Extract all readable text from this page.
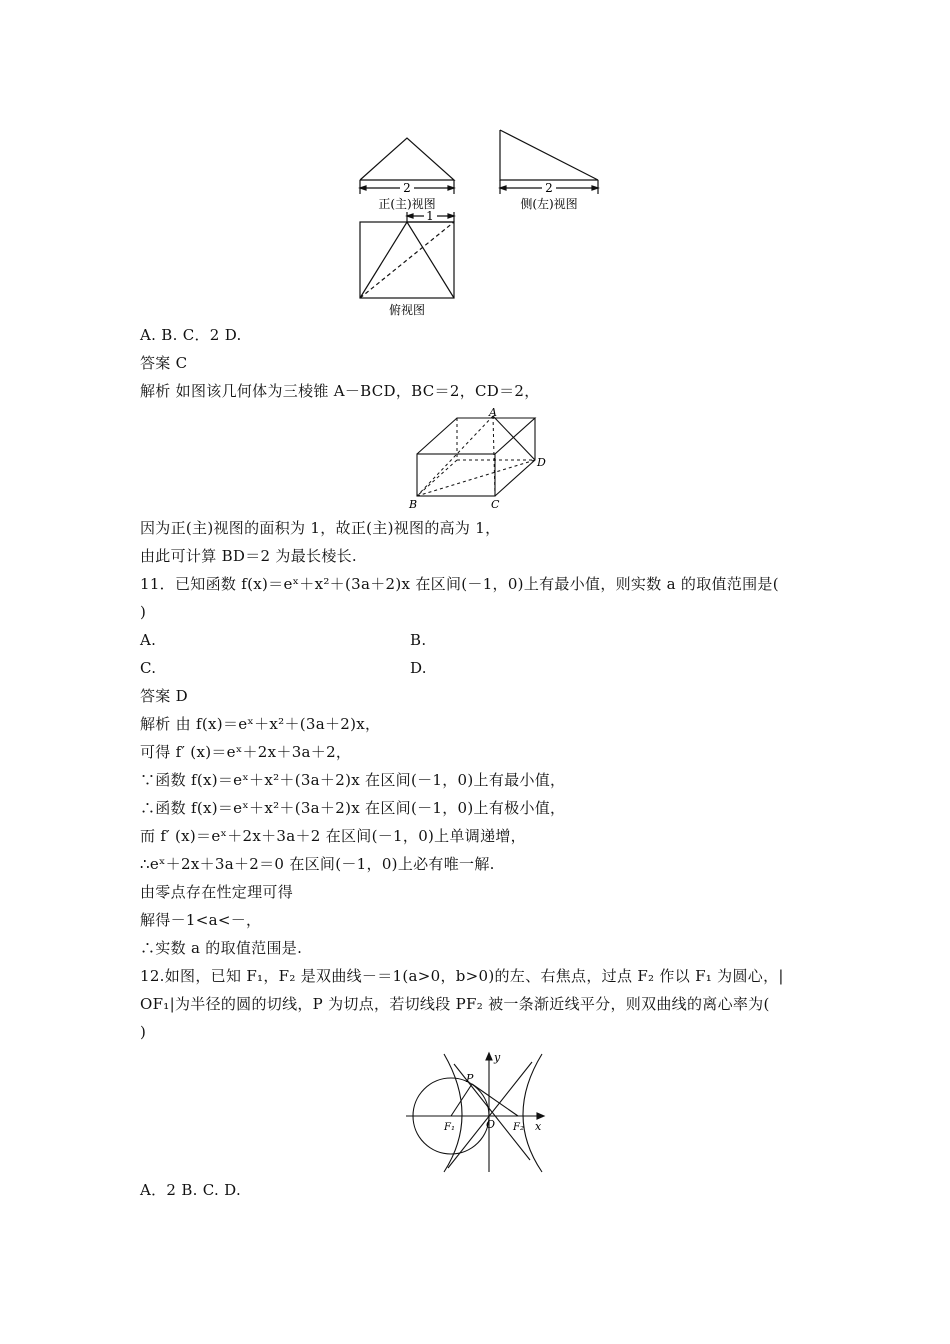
2
正(主)视图
2
侧(左)视图
1
俯视图
A. B. C．2 D.
答案 C
解析 如图该几何体为三棱锥 A－BCD，BC＝2，CD＝2，
A
B	C
D
因为正(主)视图的面积为 1，故正(主)视图的高为 1，
由此可计算 BD＝2 为最长棱长.
11．已知函数 f(x)＝eˣ＋x²＋(3a＋2)x 在区间(－1，0)上有最小值，则实数 a 的取值范围是(
)
A.	B.
C.	D.
答案 D
解析 由 f(x)＝eˣ＋x²＋(3a＋2)x，
可得 f′ (x)＝eˣ＋2x＋3a＋2，
∵函数 f(x)＝eˣ＋x²＋(3a＋2)x 在区间(－1，0)上有最小值，
∴函数 f(x)＝eˣ＋x²＋(3a＋2)x 在区间(－1，0)上有极小值，
而 f′ (x)＝eˣ＋2x＋3a＋2 在区间(－1，0)上单调递增，
∴eˣ＋2x＋3a＋2＝0 在区间(－1，0)上必有唯一解.
由零点存在性定理可得
解得－1<a<－，
∴实数 a 的取值范围是.
12.如图，已知 F₁，F₂ 是双曲线－＝1(a>0，b>0)的左、右焦点，过点 F₂ 作以 F₁ 为圆心，|
OF₁|为半径的圆的切线，P 为切点，若切线段 PF₂ 被一条渐近线平分，则双曲线的离心率为(
)
y
x
P
O
F₁	F₂
A．2 B. C. D.
